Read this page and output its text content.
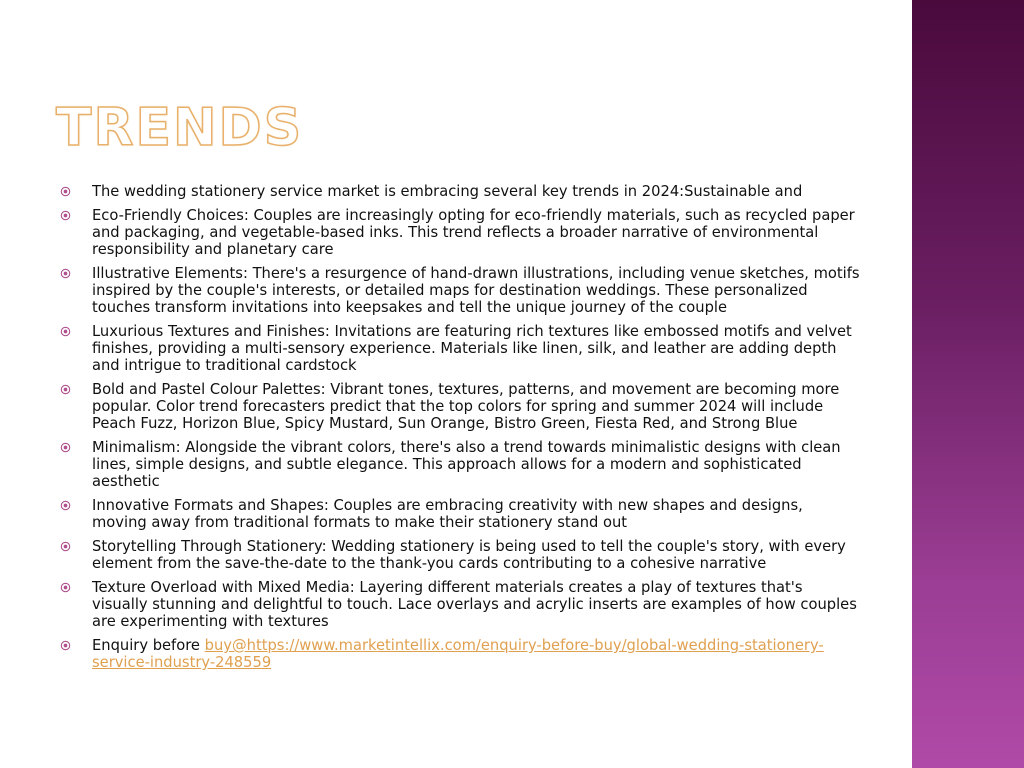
TRENDS
The wedding stationery service market is embracing several key trends in 2024:Sustainable and
Eco-Friendly Choices: Couples are increasingly opting for eco-friendly materials, such as recycled paper and packaging, and vegetable-based inks. This trend reflects a broader narrative of environmental responsibility and planetary care
Illustrative Elements: There's a resurgence of hand-drawn illustrations, including venue sketches, motifs inspired by the couple's interests, or detailed maps for destination weddings. These personalized touches transform invitations into keepsakes and tell the unique journey of the couple
Luxurious Textures and Finishes: Invitations are featuring rich textures like embossed motifs and velvet finishes, providing a multi-sensory experience. Materials like linen, silk, and leather are adding depth and intrigue to traditional cardstock
Bold and Pastel Colour Palettes: Vibrant tones, textures, patterns, and movement are becoming more popular. Color trend forecasters predict that the top colors for spring and summer 2024 will include Peach Fuzz, Horizon Blue, Spicy Mustard, Sun Orange, Bistro Green, Fiesta Red, and Strong Blue
Minimalism: Alongside the vibrant colors, there's also a trend towards minimalistic designs with clean lines, simple designs, and subtle elegance. This approach allows for a modern and sophisticated aesthetic
Innovative Formats and Shapes: Couples are embracing creativity with new shapes and designs, moving away from traditional formats to make their stationery stand out
Storytelling Through Stationery: Wedding stationery is being used to tell the couple's story, with every element from the save-the-date to the thank-you cards contributing to a cohesive narrative
Texture Overload with Mixed Media: Layering different materials creates a play of textures that's visually stunning and delightful to touch. Lace overlays and acrylic inserts are examples of how couples are experimenting with textures
Enquiry before buy@https://www.marketintellix.com/enquiry-before-buy/global-wedding-stationery-service-industry-248559
